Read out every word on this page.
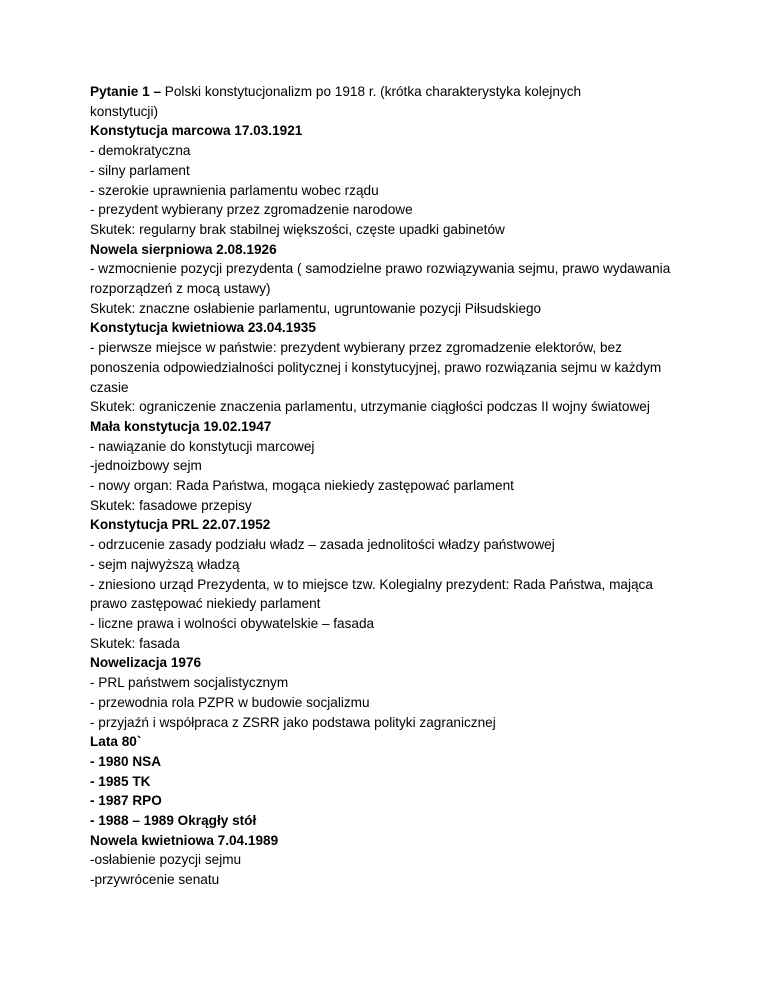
Pytanie 1 – Polski konstytucjonalizm po 1918 r. (krótka charakterystyka kolejnych konstytucji)
Konstytucja marcowa 17.03.1921
- demokratyczna
- silny parlament
- szerokie uprawnienia parlamentu wobec rządu
- prezydent wybierany przez zgromadzenie narodowe
Skutek: regularny brak stabilnej większości, częste upadki gabinetów
Nowela sierpniowa 2.08.1926
- wzmocnienie pozycji prezydenta ( samodzielne prawo rozwiązywania sejmu, prawo wydawania rozporządzeń z mocą ustawy)
Skutek: znaczne osłabienie parlamentu, ugruntowanie pozycji Piłsudskiego
Konstytucja kwietniowa 23.04.1935
- pierwsze miejsce w państwie: prezydent wybierany przez zgromadzenie elektorów, bez ponoszenia odpowiedzialności politycznej i konstytucyjnej, prawo rozwiązania sejmu w każdym czasie
Skutek: ograniczenie znaczenia parlamentu, utrzymanie ciągłości podczas II wojny światowej
Mała konstytucja 19.02.1947
- nawiązanie do konstytucji marcowej
-jednoizbowy sejm
- nowy organ: Rada Państwa, mogąca niekiedy zastępować parlament
Skutek: fasadowe przepisy
Konstytucja PRL 22.07.1952
- odrzucenie zasady podziału władz – zasada jednolitości władzy państwowej
- sejm najwyższą władzą
- zniesiono urząd Prezydenta, w to miejsce tzw. Kolegialny prezydent: Rada Państwa, mająca prawo zastępować niekiedy parlament
- liczne prawa i wolności obywatelskie – fasada
Skutek: fasada
Nowelizacja 1976
- PRL państwem socjalistycznym
- przewodnia rola PZPR w budowie socjalizmu
- przyjaźń i współpraca z ZSRR jako podstawa polityki zagranicznej
Lata 80`
- 1980 NSA
- 1985 TK
- 1987 RPO
- 1988 – 1989 Okrągły stół
Nowela kwietniowa 7.04.1989
-osłabienie pozycji sejmu
-przywrócenie senatu
